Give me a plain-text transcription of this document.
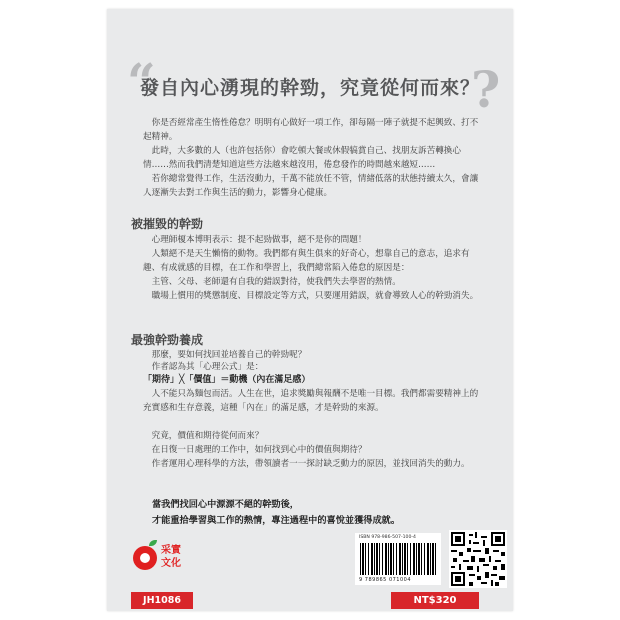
“
發自內心湧現的幹勁，究竟從何而來？
?

你是否經常產生惰性倦怠？明明有心做好一項工作，卻每隔一陣子就提不起興致、打不起精神。

此時，大多數的人（也許包括你）會吃頓大餐或休假犒賞自己、找朋友訴苦轉換心情……然而我們清楚知道這些方法越來越沒用，倦怠發作的時間越來越短……

若你總常覺得工作，生活沒動力，千萬不能放任不管，情緒低落的狀態持續太久，會讓人逐漸失去對工作與生活的動力，影響身心健康。

被摧毀的幹勁

心理師榎本博明表示：提不起勁做事，絕不是你的問題！

人類絕不是天生懶惰的動物。我們都有與生俱來的好奇心，想靠自己的意志，追求有趣、有成就感的目標，在工作和學習上，我們總常陷入倦怠的原因是：

主管、父母、老師還有自我的錯誤對待，使我們失去學習的熱情。

職場上慣用的獎懲制度、目標設定等方式，只要運用錯誤，就會導致人心的幹勁消失。

最強幹勁養成

那麼，要如何找回並培養自己的幹勁呢？

作者認為其「心理公式」是：

「期待」╳「價值」＝動機（內在滿足感）

人不能只為麵包而活。人生在世，追求獎勵與報酬不是唯一目標。我們都需要精神上的充實感和生存意義，這種「內在」的滿足感，才是幹勁的來源。

究竟，價值和期待從何而來？

在日復一日處理的工作中，如何找到心中的價值與期待？

作者運用心理科學的方法，帶領讀者一一探討缺乏動力的原因，並找回消失的動力。

當我們找回心中源源不絕的幹勁後，
才能重拾學習與工作的熱情，專注過程中的喜悅並獲得成就。
采實
文化
ISBN 978-986-507-100-4
9 789865 071004
JH1086	NT$320
